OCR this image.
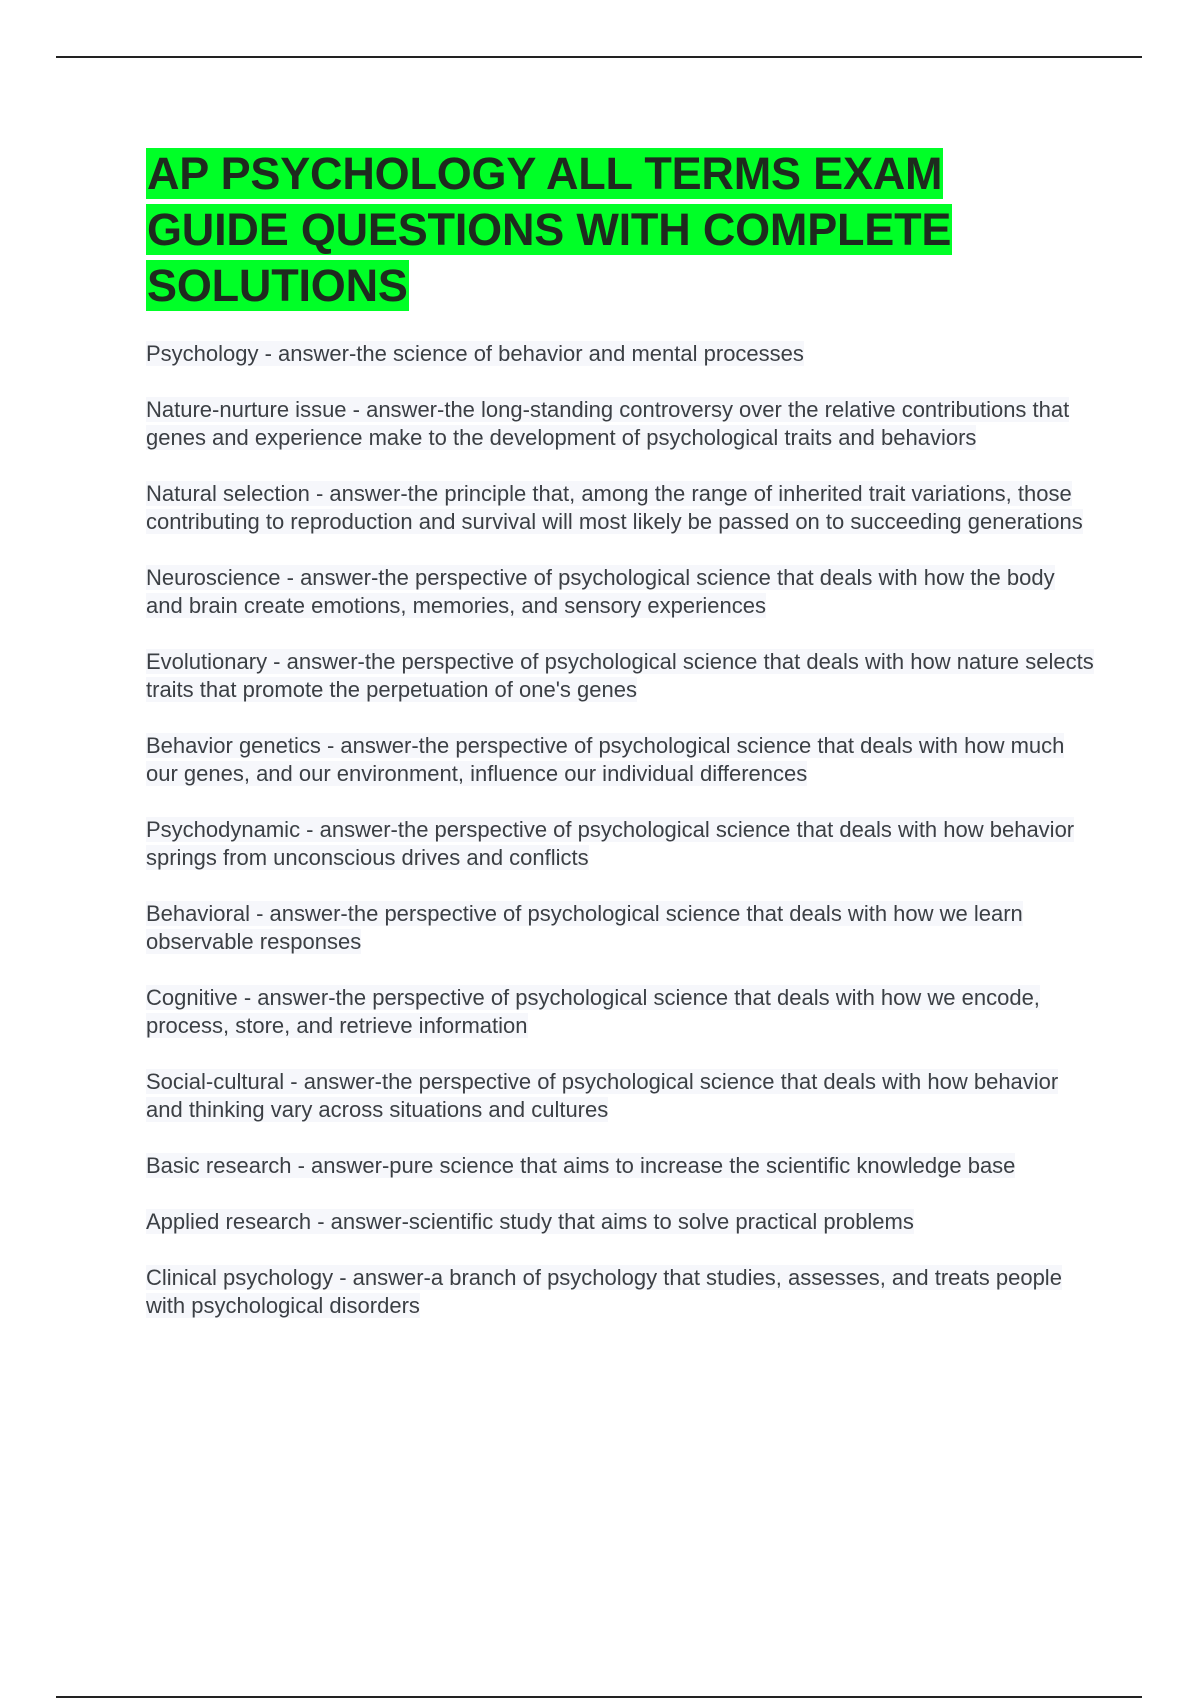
AP PSYCHOLOGY ALL TERMS EXAM GUIDE QUESTIONS WITH COMPLETE SOLUTIONS
Psychology - answer-the science of behavior and mental processes
Nature-nurture issue - answer-the long-standing controversy over the relative contributions that genes and experience make to the development of psychological traits and behaviors
Natural selection - answer-the principle that, among the range of inherited trait variations, those contributing to reproduction and survival will most likely be passed on to succeeding generations
Neuroscience - answer-the perspective of psychological science that deals with how the body and brain create emotions, memories, and sensory experiences
Evolutionary - answer-the perspective of psychological science that deals with how nature selects traits that promote the perpetuation of one's genes
Behavior genetics - answer-the perspective of psychological science that deals with how much our genes, and our environment, influence our individual differences
Psychodynamic - answer-the perspective of psychological science that deals with how behavior springs from unconscious drives and conflicts
Behavioral - answer-the perspective of psychological science that deals with how we learn observable responses
Cognitive - answer-the perspective of psychological science that deals with how we encode, process, store, and retrieve information
Social-cultural - answer-the perspective of psychological science that deals with how behavior and thinking vary across situations and cultures
Basic research - answer-pure science that aims to increase the scientific knowledge base
Applied research - answer-scientific study that aims to solve practical problems
Clinical psychology - answer-a branch of psychology that studies, assesses, and treats people with psychological disorders
